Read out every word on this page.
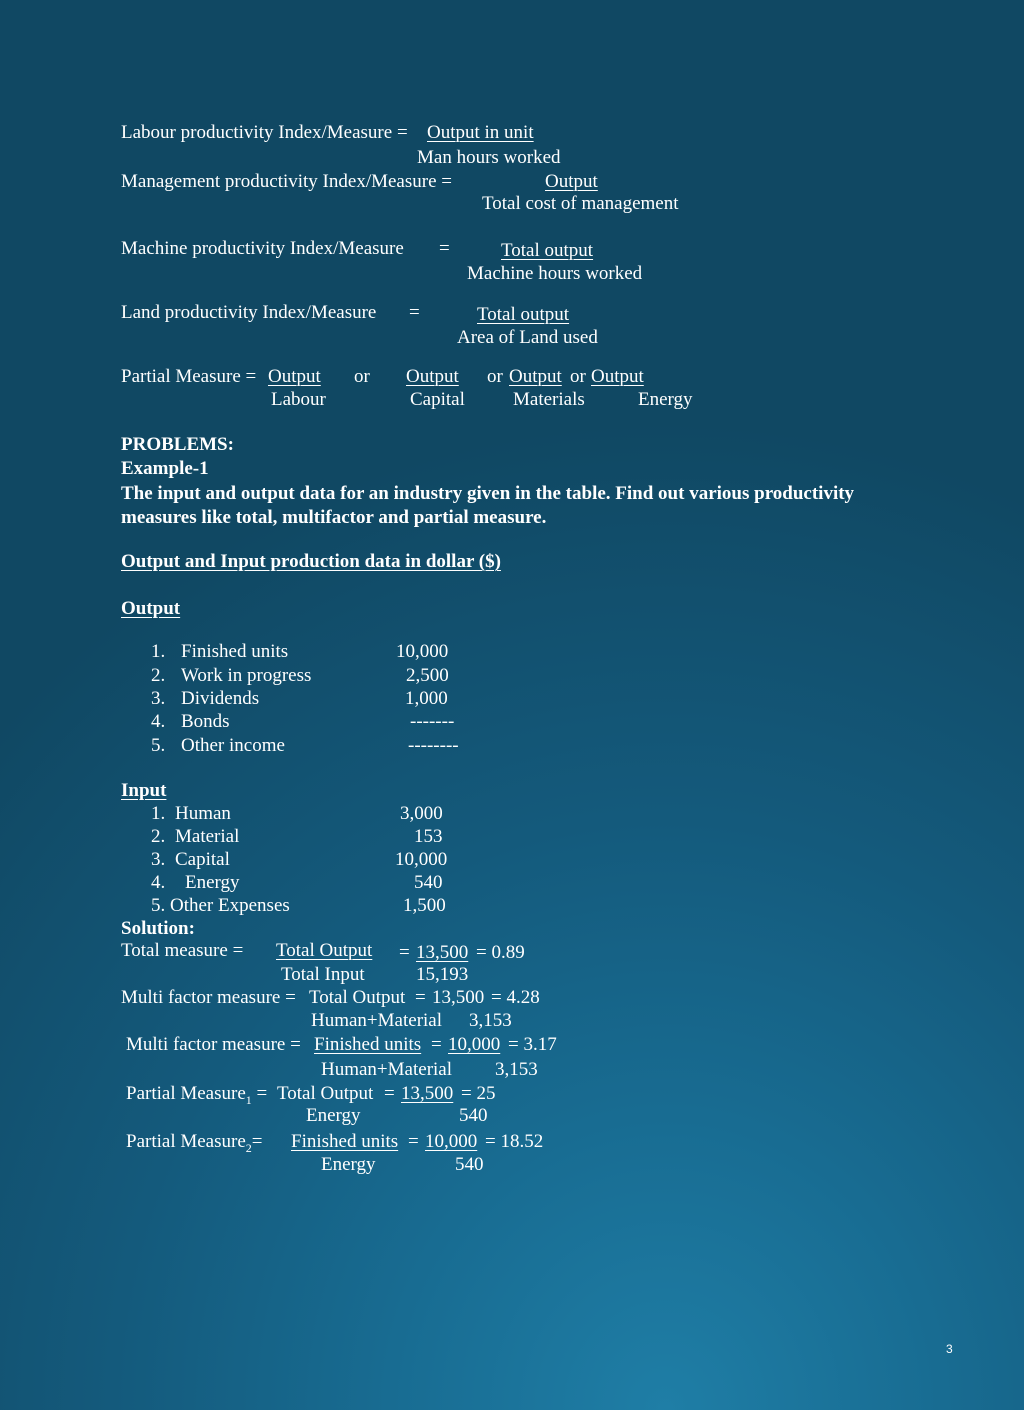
Labour productivity Index/Measure = Output in unit
Man hours worked
Management productivity Index/Measure =	Output
Total cost of management
Machine productivity Index/Measure =	Total output
Machine hours worked
Land productivity Index/Measure =	Total output
Area of Land used
Partial Measure = Output or Output or Output or Output
Labour	Capital	Materials	Energy
PROBLEMS:
Example-1
The input and output data for an industry given in the table. Find out various productivity
measures like total, multifactor and partial measure.
Output and Input production data in dollar ($)
Output
1. Finished units	10,000
2. Work in progress	2,500
3. Dividends	1,000
4. Bonds	-------
5. Other income	--------
Input
1. Human	3,000
2. Material	153
3. Capital	10,000
4. Energy	540
5. Other Expenses	1,500
Solution:
Total measure = Total Output = 13,500 = 0.89
Total Input	15,193
Multi factor measure = Total Output = 13,500 = 4.28
Human+Material 3,153
Multi factor measure = Finished units = 10,000 = 3.17
Human+Material 3,153
Partial Measure$_1$ = Total Output = 13,500 = 25
Energy	540
Partial Measure$_2$= Finished units = 10,000 = 18.52
Energy	540
3
